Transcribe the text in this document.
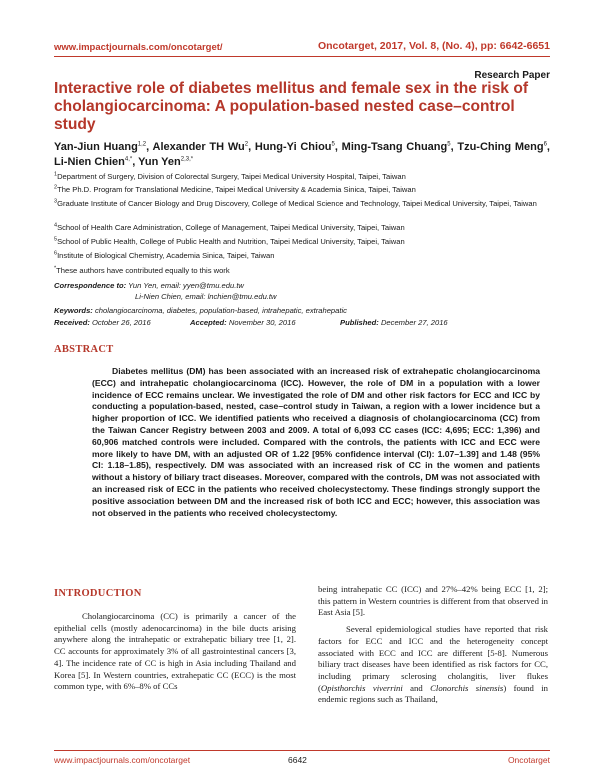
www.impactjournals.com/oncotarget/	Oncotarget, 2017, Vol. 8, (No. 4), pp: 6642-6651
Research Paper
Interactive role of diabetes mellitus and female sex in the risk of cholangiocarcinoma: A population-based nested case–control study
Yan-Jiun Huang$^{1,2}$, Alexander TH Wu$^2$, Hung-Yi Chiou$^5$, Ming-Tsang Chuang$^5$, Tzu-Ching Meng$^6$, Li-Nien Chien$^{4,*}$, Yun Yen$^{2,3,*}$
$^1$Department of Surgery, Division of Colorectal Surgery, Taipei Medical University Hospital, Taipei, Taiwan
$^2$The Ph.D. Program for Translational Medicine, Taipei Medical University & Academia Sinica, Taipei, Taiwan
$^3$Graduate Institute of Cancer Biology and Drug Discovery, College of Medical Science and Technology, Taipei Medical University, Taipei, Taiwan
$^4$School of Health Care Administration, College of Management, Taipei Medical University, Taipei, Taiwan
$^5$School of Public Health, College of Public Health and Nutrition, Taipei Medical University, Taipei, Taiwan
$^6$Institute of Biological Chemistry, Academia Sinica, Taipei, Taiwan
*These authors have contributed equally to this work
Correspondence to: Yun Yen, email: yyen@tmu.edu.tw
Li-Nien Chien, email: lnchien@tmu.edu.tw
Keywords: cholangiocarcinoma, diabetes, population-based, intrahepatic, extrahepatic
Received: October 26, 2016	Accepted: November 30, 2016	Published: December 27, 2016
ABSTRACT
Diabetes mellitus (DM) has been associated with an increased risk of extrahepatic cholangiocarcinoma (ECC) and intrahepatic cholangiocarcinoma (ICC). However, the role of DM in a population with a lower incidence of ECC remains unclear. We investigated the role of DM and other risk factors for ECC and ICC by conducting a population-based, nested, case–control study in Taiwan, a region with a lower incidence but a higher proportion of ICC. We identified patients who received a diagnosis of cholangiocarcinoma (CC) from the Taiwan Cancer Registry between 2003 and 2009. A total of 6,093 CC cases (ICC: 4,695; ECC: 1,396) and 60,906 matched controls were included. Compared with the controls, the patients with ICC and ECC were more likely to have DM, with an adjusted OR of 1.22 [95% confidence interval (CI): 1.07–1.39] and 1.48 (95% CI: 1.18–1.85), respectively. DM was associated with an increased risk of CC in the women and patients without a history of biliary tract diseases. Moreover, compared with the controls, DM was not associated with an increased risk of ECC in the patients who received cholecystectomy. These findings strongly support the positive association between DM and the increased risk of both ICC and ECC; however, this association was not observed in the patients who received cholecystectomy.
INTRODUCTION
Cholangiocarcinoma (CC) is primarily a cancer of the epithelial cells (mostly adenocarcinoma) in the bile ducts arising anywhere along the intrahepatic or extrahepatic biliary tree [1, 2]. CC accounts for approximately 3% of all gastrointestinal cancers [3, 4]. The incidence rate of CC is high in Asia including Thailand and Korea [5]. In Western countries, extrahepatic CC (ECC) is the most common type, with 6%–8% of CCs
being intrahepatic CC (ICC) and 27%–42% being ECC [1, 2]; this pattern in Western countries is different from that observed in East Asia [5].
Several epidemiological studies have reported that risk factors for ECC and ICC and the heterogeneity concept associated with ECC and ICC are different [5-8]. Numerous biliary tract diseases have been identified as risk factors for CC, including primary sclerosing cholangitis, liver flukes (Opisthorchis viverrini and Clonorchis sinensis) found in endemic regions such as Thailand,
www.impactjournals.com/oncotarget	6642	Oncotarget
